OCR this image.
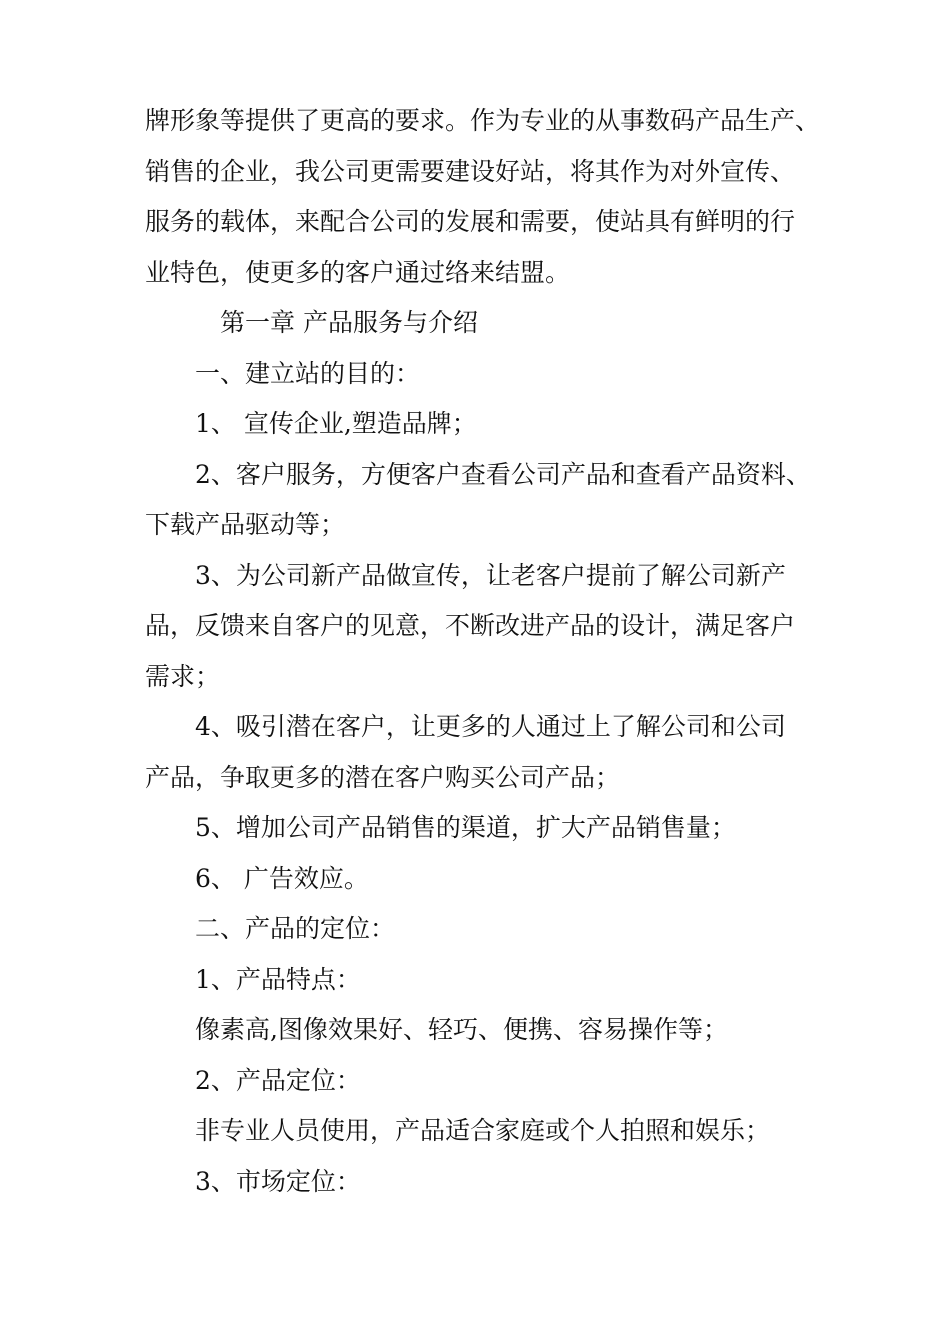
牌形象等提供了更高的要求。作为专业的从事数码产品生产、

销售的企业，我公司更需要建设好站，将其作为对外宣传、

服务的载体，来配合公司的发展和需要，使站具有鲜明的行

业特色，使更多的客户通过络来结盟。

第一章 产品服务与介绍

一、建立站的目的：

1、 宣传企业,塑造品牌；

2、客户服务，方便客户查看公司产品和查看产品资料、

下载产品驱动等；

3、为公司新产品做宣传，让老客户提前了解公司新产

品，反馈来自客户的见意，不断改进产品的设计，满足客户

需求；

4、吸引潜在客户，让更多的人通过上了解公司和公司

产品，争取更多的潜在客户购买公司产品；

5、增加公司产品销售的渠道，扩大产品销售量；

6、 广告效应。

二、产品的定位：

1、产品特点：

像素高,图像效果好、轻巧、便携、容易操作等；

2、产品定位：

非专业人员使用，产品适合家庭或个人拍照和娱乐；

3、市场定位：
